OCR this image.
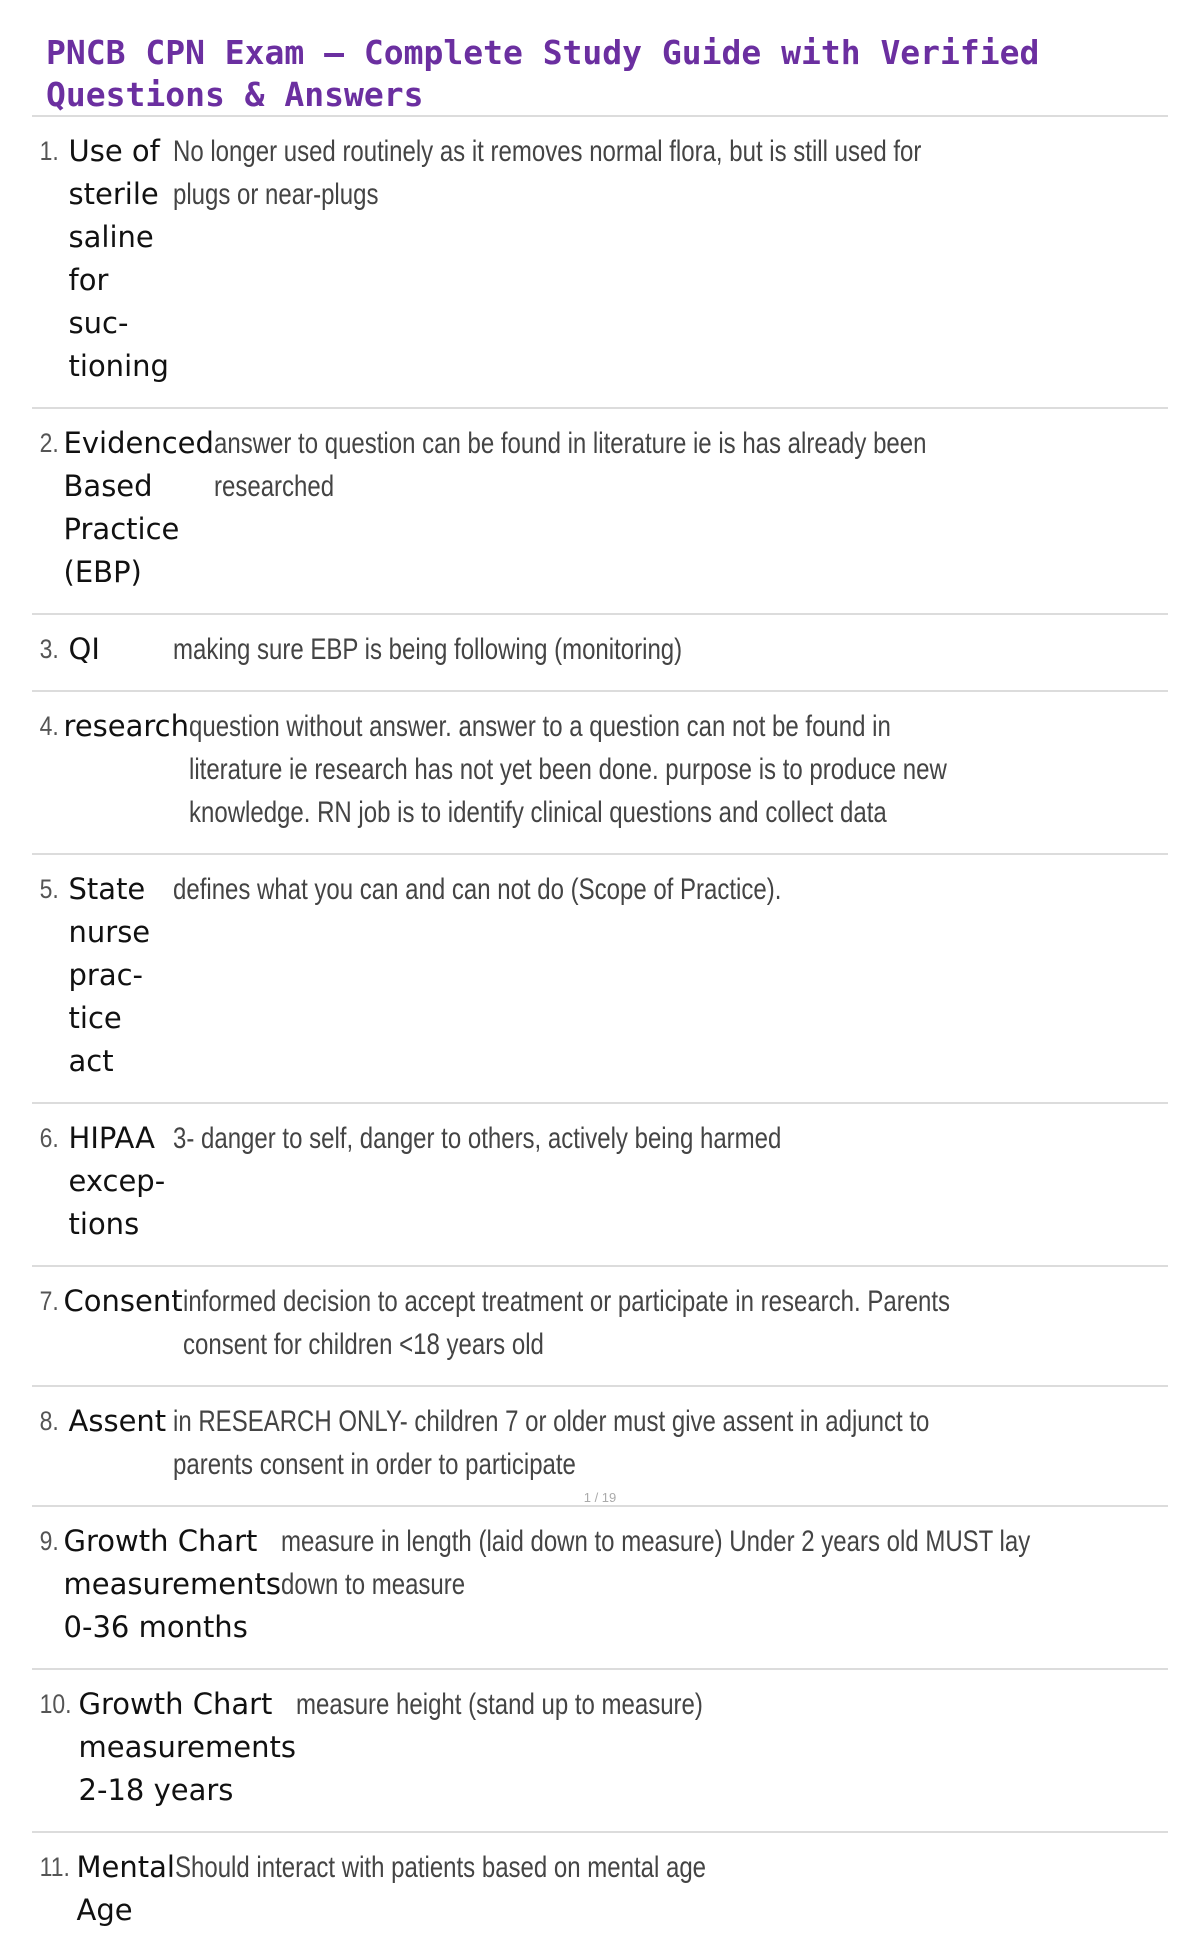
PNCB CPN Exam – Complete Study Guide with Verified Questions & Answers
1. Use of sterile saline for suc- tioning
No longer used routinely as it removes normal flora, but is still used for plugs or near-plugs
2. Evidenced Based Practice (EBP)
answer to question can be found in literature ie is has already been researched
3. QI	making sure EBP is being following (monitoring)
4. research question without answer. answer to a question can not be found in literature ie research has not yet been done. purpose is to produce new knowledge. RN job is to identify clinical questions and collect data
5. State nurse prac- tice act
defines what you can and can not do (Scope of Practice).
6. HIPAA excep- tions
3- danger to self, danger to others, actively being harmed
7. Consent informed decision to accept treatment or participate in research. Parents consent for children <18 years old
8. Assent in RESEARCH ONLY- children 7 or older must give assent in adjunct to parents consent in order to participate
9. Growth Chart measurements 0-36 months
measure in length (laid down to measure) Under 2 years old MUST lay down to measure
10. Growth Chart measurements 2-18 years
measure height (stand up to measure)
11. Mental Age
Should interact with patients based on mental age
1 / 19
